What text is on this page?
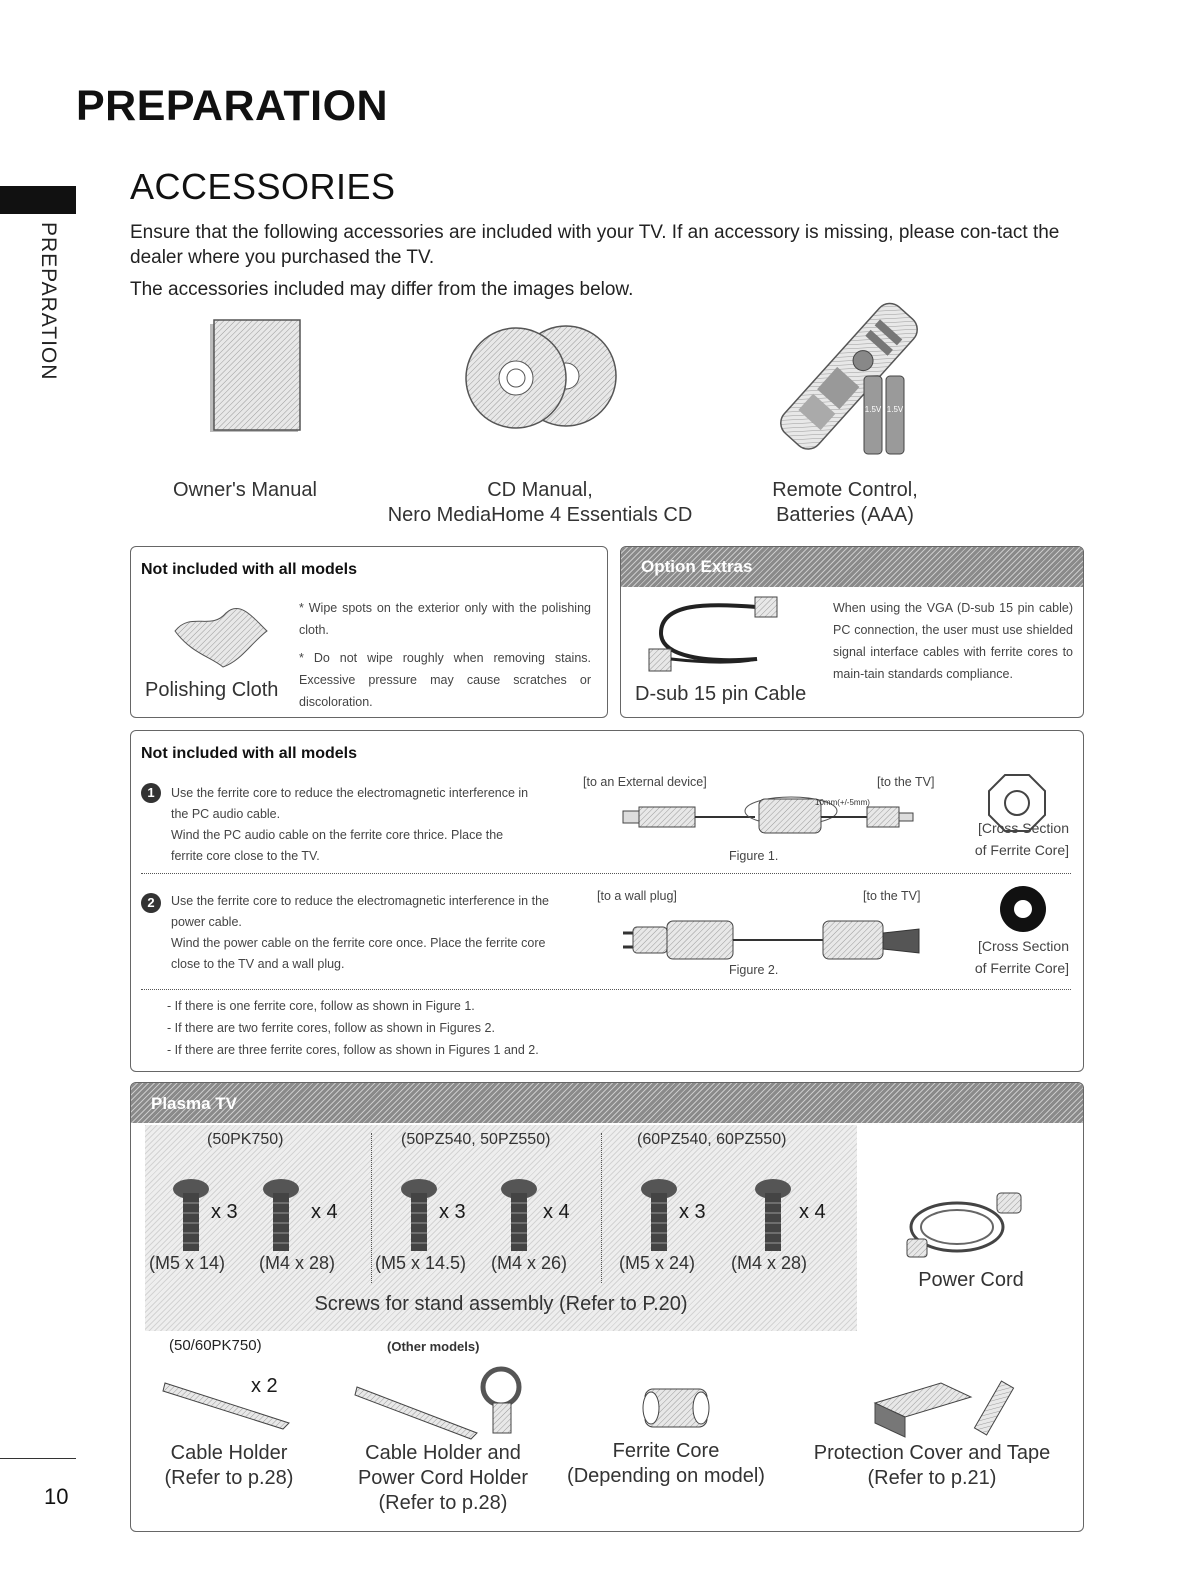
PREPARATION
PREPARATION
ACCESSORIES

Ensure that the following accessories are included with your TV. If an accessory is missing, please con-tact the dealer where you purchased the TV.

The accessories included may differ from the images below.

1.5V 1.5V
Owner's Manual	CD Manual,
Nero MediaHome 4 Essentials CD
Remote Control,
Batteries (AAA)
Not included with all models
Polishing Cloth
* Wipe spots on the exterior only with the polishing cloth.
* Do not wipe roughly when removing stains. Excessive pressure may cause scratches or discoloration.
Option Extras
D-sub 15 pin Cable
When using the VGA (D-sub 15 pin cable) PC connection, the user must use shielded signal interface cables with ferrite cores to main-tain standards compliance.
Not included with all models
1	Use the ferrite core to reduce the electromagnetic interference in the PC audio cable.
Wind the PC audio cable on the ferrite core thrice. Place the ferrite core close to the TV.
[to an External device]	[to the TV]
10mm(+/-5mm)
Figure 1.
[Cross Section
of Ferrite Core]
2	Use the ferrite core to reduce the electromagnetic interference in the power cable.
Wind the power cable on the ferrite core once. Place the ferrite core close to the TV and a wall plug.
[to a wall plug]	[to the TV]
Figure 2.
[Cross Section
of Ferrite Core]
- If there is one ferrite core, follow as shown in Figure 1.
- If there are two ferrite cores, follow as shown in Figures 2.
- If there are three ferrite cores, follow as shown in Figures 1 and 2.
Plasma TV
(50PK750)
x 3	x 4
(M5 x 14) (M4 x 28)
(50PZ540, 50PZ550)
x 3	x 4
(M5 x 14.5) (M4 x 26)
(60PZ540, 60PZ550)
x 3	x 4
(M5 x 24) (M4 x 28)
Screws for stand assembly (Refer to P.20)
Power Cord
(50/60PK750)	(Other models)
x 2
Cable Holder
(Refer to p.28)
Cable Holder and
Power Cord Holder
(Refer to p.28)
Ferrite Core
(Depending on model)
Protection Cover and Tape
(Refer to p.21)
10
